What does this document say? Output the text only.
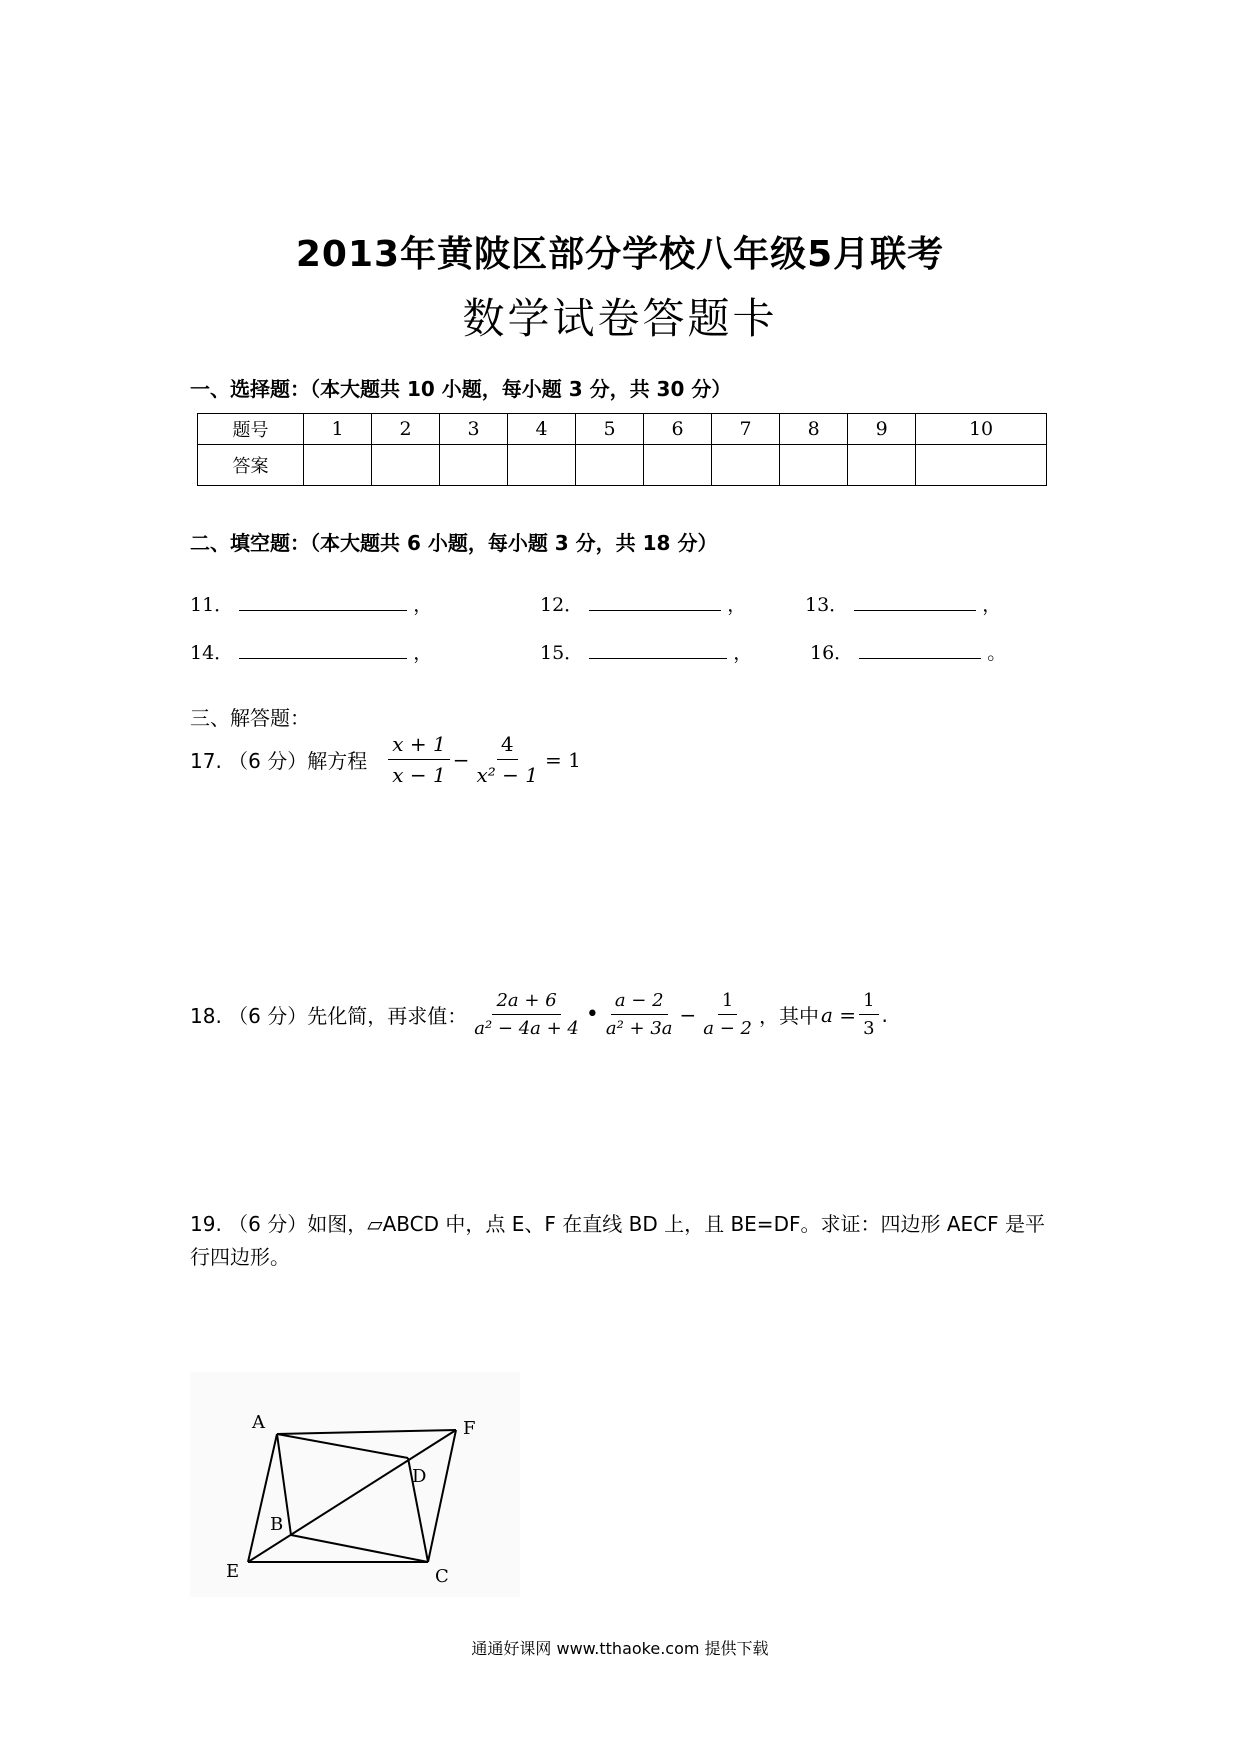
2013年黄陂区部分学校八年级5月联考
数学试卷答题卡
一、选择题：（本大题共 10 小题，每小题 3 分，共 30 分）
题号	1	2	3	4	5	6	7	8	9	10
答案										
二、填空题：（本大题共 6 小题，每小题 3 分，共 18 分）
11．	，	12．	，	13．	，
14．	，	15．	，	16．	。
三、解答题：
17. （6 分）解方程 $\frac{x + 1}{x - 1} - \frac{4}{\text{x² − 1}} = 1$
18. （6 分）先化简，再求值： $\frac{2a + 6}{\text{a² − 4a + 4}}$ • $\frac{a - 2}{\text{a² + 3a}} - \frac{1}{a - 2}$ ，其中 $a = \frac{1}{3}$ .
19. （6 分）如图，▱ABCD 中，点 E、F 在直线 BD 上，且 BE=DF。求证：四边形 AECF 是平
行四边形。
A	F
D
B
E	C
通通好课网 www.tthaoke.com 提供下载
